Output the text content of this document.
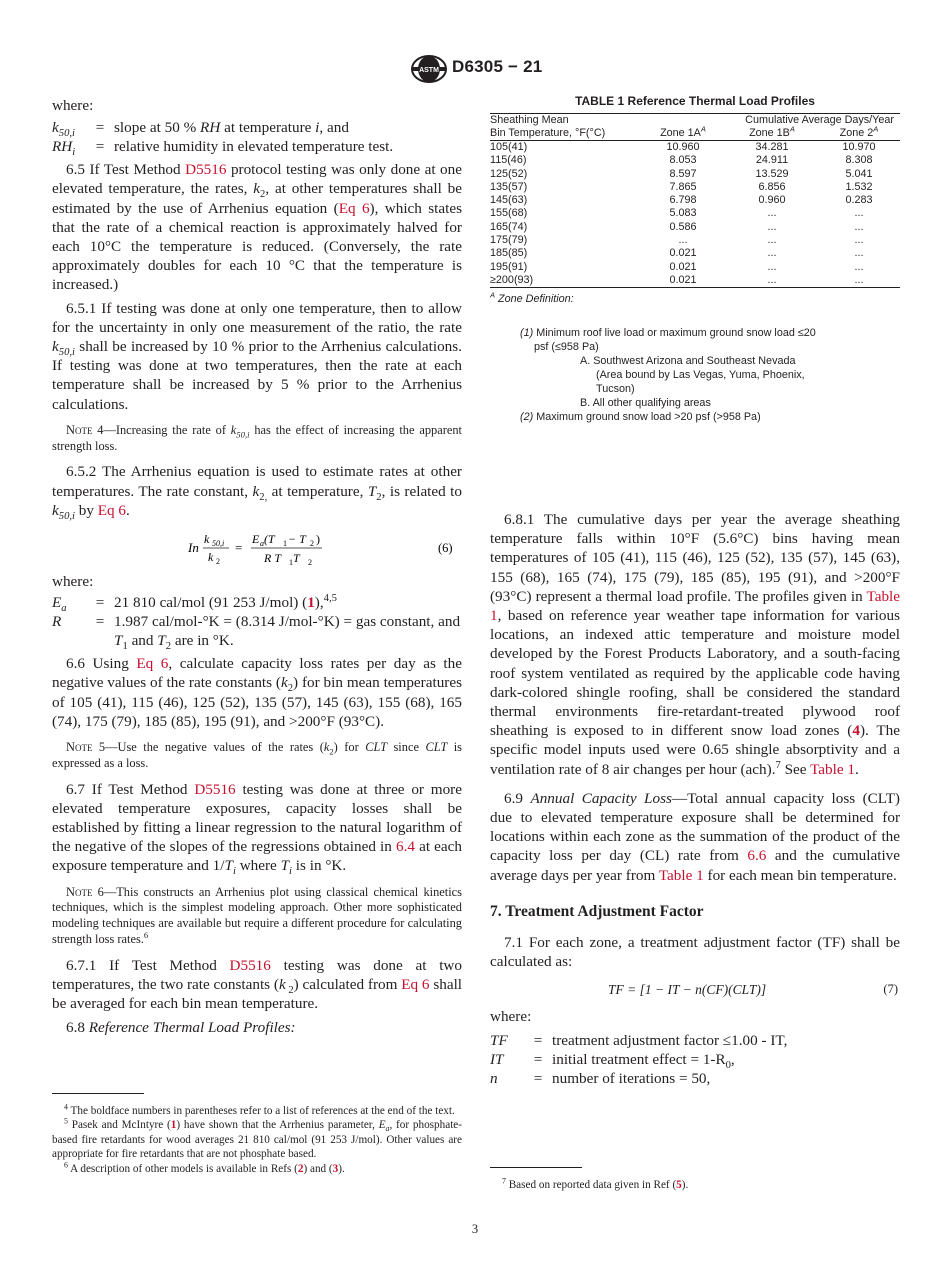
ASTM D6305 − 21

where:

$k_{50,i}$	= slope at 50 % RH at temperature i, and
$RH_i$	= relative humidity in elevated temperature test.

6.5 If Test Method D5516 protocol testing was only done at one elevated temperature, the rates, $k_2$, at other temperatures shall be estimated by the use of Arrhenius equation (Eq 6), which states that the rate of a chemical reaction is approximately halved for each 10°C the temperature is reduced. (Conversely, the rate approximately doubles for each 10 °C that the temperature is increased.)

6.5.1 If testing was done at only one temperature, then to allow for the uncertainty in only one measurement of the ratio, the rate $k_{50,i}$ shall be increased by 10 % prior to the Arrhenius calculations. If testing was done at two temperatures, then the rate at each temperature shall be increased by 5 % prior to the Arrhenius calculations.

Note 4—Increasing the rate of $k_{50,i}$ has the effect of increasing the apparent strength loss.

6.5.2 The Arrhenius equation is used to estimate rates at other temperatures. The rate constant, $k_{2,}$ at temperature, $T_2$, is related to $k_{50,i}$ by Eq 6.

In
k 50,i
k 2
=
E a (T 1 − T 2 )
R T 1 T 2
(6)

where:

$E_a$	= 21 810 cal/mol (91 253 J/mol) (1),$^{4,5}$
R	= 1.987 cal/mol-°K = (8.314 J/mol-°K) = gas constant, and
$T_1$ and $T_2$ are in °K.

6.6 Using Eq 6, calculate capacity loss rates per day as the negative values of the rate constants $(k_2)$ for bin mean temperatures of 105 (41), 115 (46), 125 (52), 135 (57), 145 (63), 155 (68), 165 (74), 175 (79), 185 (85), 195 (91), and >200°F (93°C).

Note 5—Use the negative values of the rates $(k_2)$ for CLT since CLT is expressed as a loss.

6.7 If Test Method D5516 testing was done at three or more elevated temperature exposures, capacity losses shall be established by fitting a linear regression to the natural logarithm of the negative of the slopes of the regressions obtained in 6.4 at each exposure temperature and $1/T_i$ where $T_i$ is in °K.

Note 6—This constructs an Arrhenius plot using classical chemical kinetics techniques, which is the simplest modeling approach. Other more sophisticated modeling techniques are available but require a different procedure for calculating strength loss rates.$^6$

6.7.1 If Test Method D5516 testing was done at two temperatures, the two rate constants (k $_2$) calculated from Eq 6 shall be averaged for each bin mean temperature.

6.8 Reference Thermal Load Profiles:

$^4$ The boldface numbers in parentheses refer to a list of references at the end of the text.

$^5$ Pasek and McIntyre (1) have shown that the Arrhenius parameter, $E_a$, for phosphate-based fire retardants for wood averages 21 810 cal/mol (91 253 J/mol). Other values are appropriate for fire retardants that are not phosphate based.

$^6$ A description of other models is available in Refs (2) and (3).

TABLE 1 Reference Thermal Load Profiles

Sheathing Mean		Cumulative Average Days/Year	
Bin Temperature, °F(°C)	Zone $1A^A$	Zone $1B^A$	Zone $2^A$
105(41)	10.960	34.281	10.970
115(46)	8.053	24.911	8.308
125(52)	8.597	13.529	5.041
135(57)	7.865	6.856	1.532
145(63)	6.798	0.960	0.283
155(68)	5.083	...	...
165(74)	0.586	...	...
175(79)	...	...	...
185(85)	0.021	...	...
195(91)	0.021	...	...
≥200(93)	0.021	...	...
$^A$ Zone Definition:
(1) Minimum roof live load or maximum ground snow load ≤20
psf (≤958 Pa)
A. Southwest Arizona and Southeast Nevada
(Area bound by Las Vegas, Yuma, Phoenix,
Tucson)
B. All other qualifying areas
(2) Maximum ground snow load >20 psf (>958 Pa)

6.8.1 The cumulative days per year the average sheathing temperature falls within 10°F (5.6°C) bins having mean temperatures of 105 (41), 115 (46), 125 (52), 135 (57), 145 (63), 155 (68), 165 (74), 175 (79), 185 (85), 195 (91), and >200°F (93°C) represent a thermal load profile. The profiles given in Table 1, based on reference year weather tape information for various locations, an indexed attic temperature and moisture model developed by the Forest Products Laboratory, and a south-facing roof system ventilated as required by the applicable code having dark-colored shingle roofing, shall be considered the standard thermal environments fire-retardant-treated plywood roof sheathing is exposed to in different snow load zones (4). The specific model inputs used were 0.65 shingle absorptivity and a ventilation rate of 8 air changes per hour (ach).$^7$ See Table 1.

6.9 Annual Capacity Loss—Total annual capacity loss (CLT) due to elevated temperature exposure shall be determined for locations within each zone as the summation of the product of the capacity loss per day (CL) rate from 6.6 and the cumulative average days per year from Table 1 for each mean bin temperature.

7. Treatment Adjustment Factor

7.1 For each zone, a treatment adjustment factor (TF) shall be calculated as:

TF = [1 − IT − n(CF)(CLT)]	(7)

where:

TF	= treatment adjustment factor ≤1.00 - IT,
IT	= initial treatment effect = $1-R_0$,
n	= number of iterations = 50,

$^7$ Based on reported data given in Ref (5).

3
